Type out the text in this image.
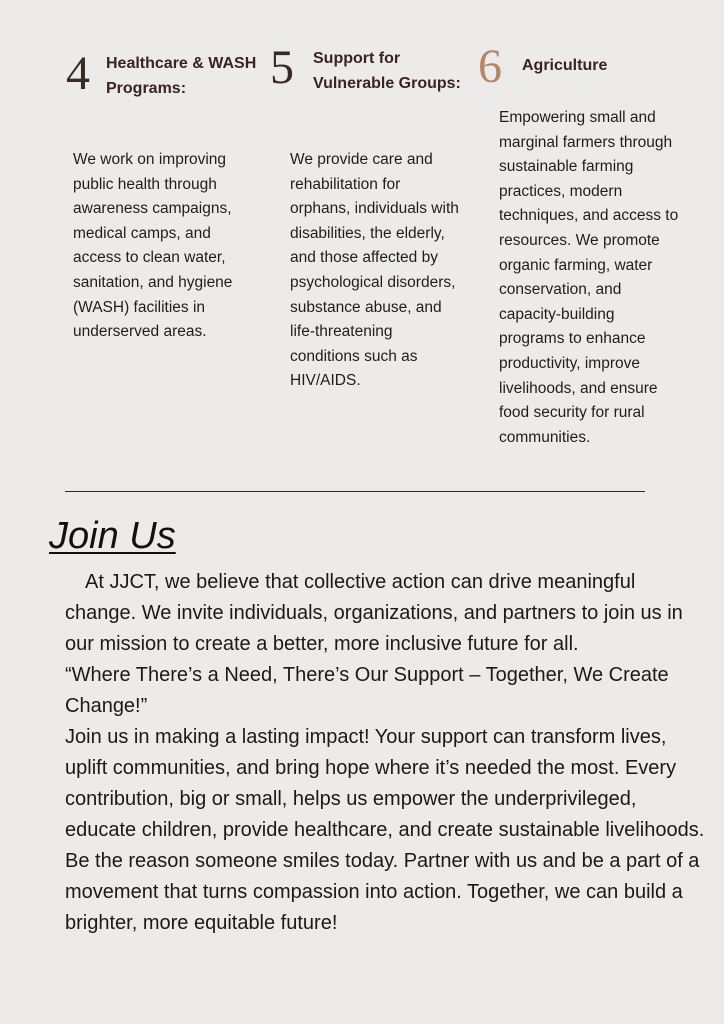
4 Healthcare & WASH
Programs:

We work on improving public health through awareness campaigns, medical camps, and access to clean water, sanitation, and hygiene (WASH) facilities in underserved areas.

5 Support for
Vulnerable Groups:

We provide care and rehabilitation for orphans, individuals with disabilities, the elderly, and those affected by psychological disorders, substance abuse, and life-threatening conditions such as HIV/AIDS.

6 Agriculture

Empowering small and marginal farmers through sustainable farming practices, modern techniques, and access to resources. We promote organic farming, water conservation, and capacity-building programs to enhance productivity, improve livelihoods, and ensure food security for rural communities.

Join Us

At JJCT, we believe that collective action can drive meaningful change. We invite individuals, organizations, and partners to join us in our mission to create a better, more inclusive future for all.

“Where There’s a Need, There’s Our Support – Together, We Create Change!”

Join us in making a lasting impact! Your support can transform lives, uplift communities, and bring hope where it’s needed the most. Every contribution, big or small, helps us empower the underprivileged, educate children, provide healthcare, and create sustainable livelihoods.

Be the reason someone smiles today. Partner with us and be a part of a movement that turns compassion into action. Together, we can build a brighter, more equitable future!
